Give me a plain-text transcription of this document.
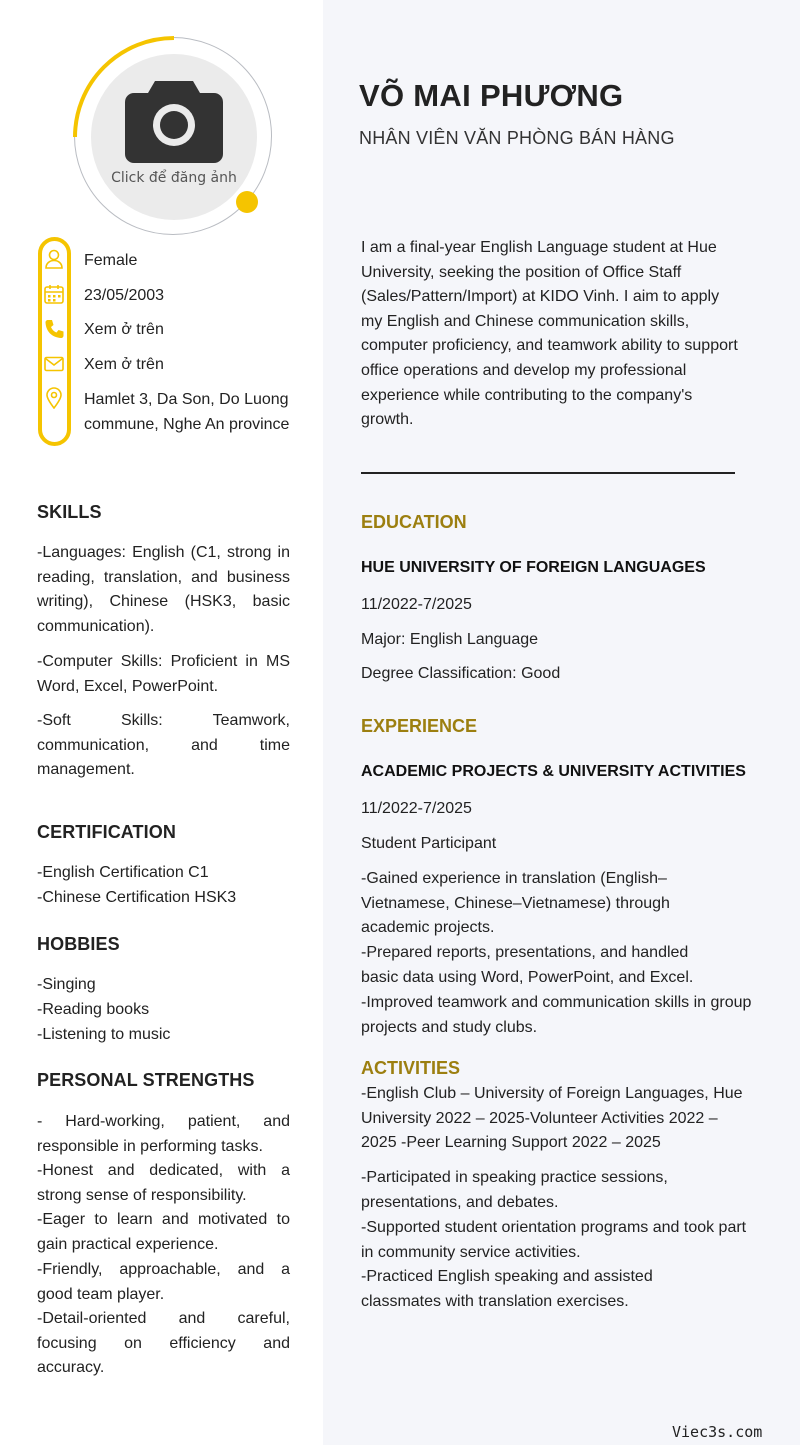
Click để đăng ảnh
Female
23/05/2003
Xem ở trên
Xem ở trên
Hamlet 3, Da Son, Do Luong commune, Nghe An province
SKILLS
-Languages: English (C1, strong in reading, translation, and business writing), Chinese (HSK3, basic communication).
-Computer Skills: Proficient in MS Word, Excel, PowerPoint.
-Soft Skills: Teamwork, communication, and time management.
CERTIFICATION
-English Certification C1
-Chinese Certification HSK3
HOBBIES
-Singing
-Reading books
-Listening to music
PERSONAL STRENGTHS
- Hard-working, patient, and responsible in performing tasks.
-Honest and dedicated, with a strong sense of responsibility.
-Eager to learn and motivated to gain practical experience.
-Friendly, approachable, and a good team player.
-Detail-oriented and careful, focusing on efficiency and accuracy.
VÕ MAI PHƯƠNG
NHÂN VIÊN VĂN PHÒNG BÁN HÀNG
I am a final-year English Language student at Hue University, seeking the position of Office Staff (Sales/Pattern/Import) at KIDO Vinh. I aim to apply my English and Chinese communication skills, computer proficiency, and teamwork ability to support office operations and develop my professional experience while contributing to the company's growth.
EDUCATION
HUE UNIVERSITY OF FOREIGN LANGUAGES
11/2022-7/2025
Major: English Language
Degree Classification: Good
EXPERIENCE
ACADEMIC PROJECTS & UNIVERSITY ACTIVITIES
11/2022-7/2025
Student Participant
-Gained experience in translation (English–Vietnamese, Chinese–Vietnamese) through academic projects.
-Prepared reports, presentations, and handled basic data using Word, PowerPoint, and Excel.
-Improved teamwork and communication skills in group projects and study clubs.
ACTIVITIES
-English Club – University of Foreign Languages, Hue University 2022 – 2025-Volunteer Activities 2022 – 2025 -Peer Learning Support 2022 – 2025
-Participated in speaking practice sessions, presentations, and debates.
-Supported student orientation programs and took part in community service activities.
-Practiced English speaking and assisted classmates with translation exercises.
Viec3s.com
